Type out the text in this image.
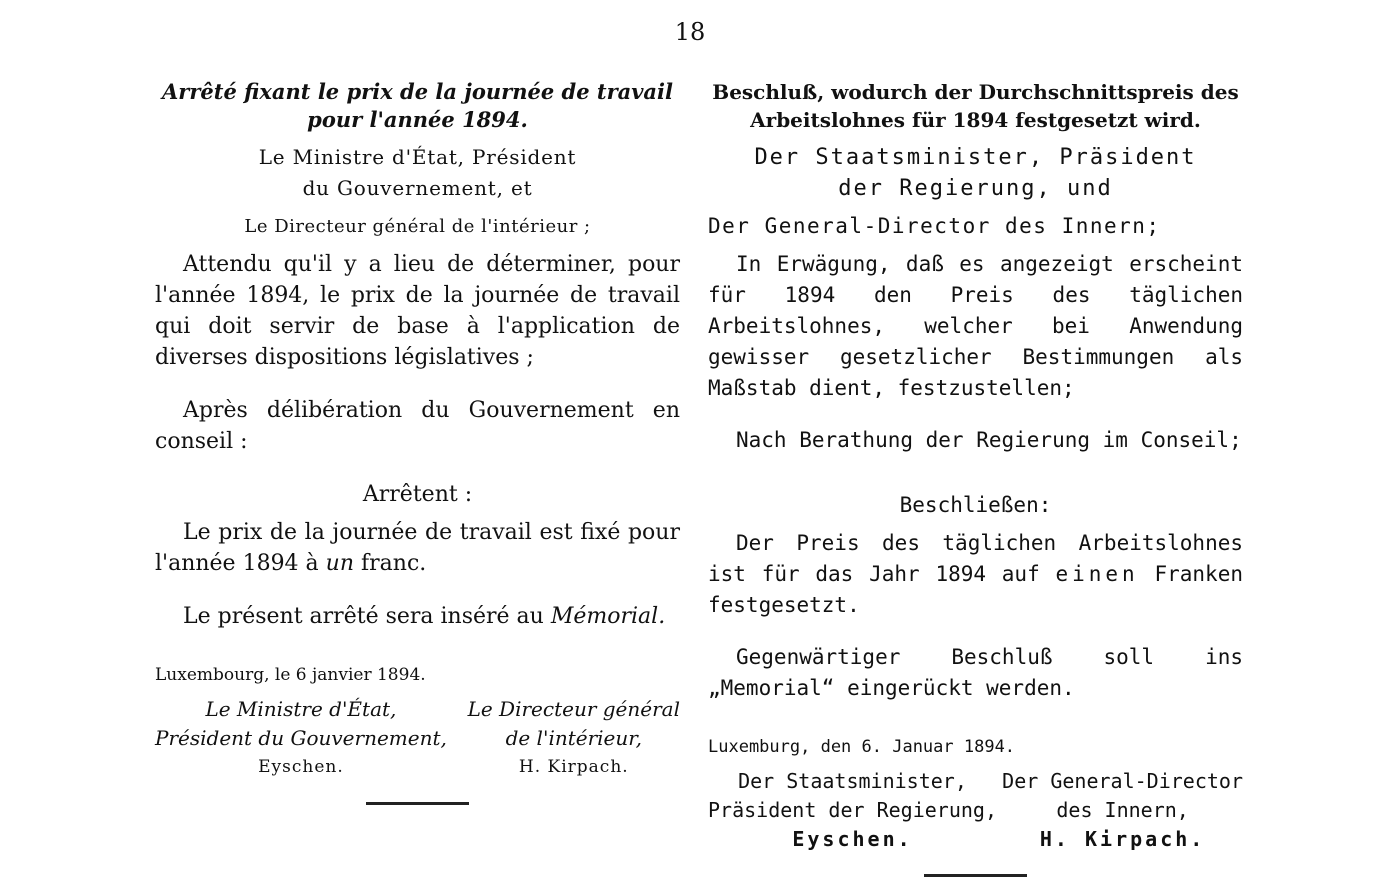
18
Arrêté fixant le prix de la journée de travail
pour l'année 1894.
Le Ministre d'État, Président
du Gouvernement, et
Le Directeur général de l'intérieur ;

Attendu qu'il y a lieu de déterminer, pour l'année 1894, le prix de la journée de travail qui doit servir de base à l'application de diverses dispositions législatives ;

Après délibération du Gouvernement en conseil :

Arrêtent :

Le prix de la journée de travail est fixé pour l'année 1894 à un franc.

Le présent arrêté sera inséré au Mémorial.

Luxembourg, le 6 janvier 1894.
Le Ministre d'État,
Président du Gouvernement,
Eyschen.
Le Directeur général
de l'intérieur,
H. Kirpach.
Beschluß, wodurch der Durchschnittspreis des
Arbeitslohnes für 1894 festgesetzt wird.
Der Staatsminister, Präsident
der Regierung, und
Der General-Director des Innern;

In Erwägung, daß es angezeigt erscheint für 1894 den Preis des täglichen Arbeitslohnes, welcher bei Anwendung gewisser gesetzlicher Bestimmungen als Maßstab dient, festzustellen;

Nach Berathung der Regierung im Conseil;

Beschließen:

Der Preis des täglichen Arbeitslohnes ist für das Jahr 1894 auf einen Franken festgesetzt.

Gegenwärtiger Beschluß soll ins „Memorial“ eingerückt werden.

Luxemburg, den 6. Januar 1894.
Der Staatsminister,
Präsident der Regierung,
Eyschen.
Der General-Director
des Innern,
H. Kirpach.
